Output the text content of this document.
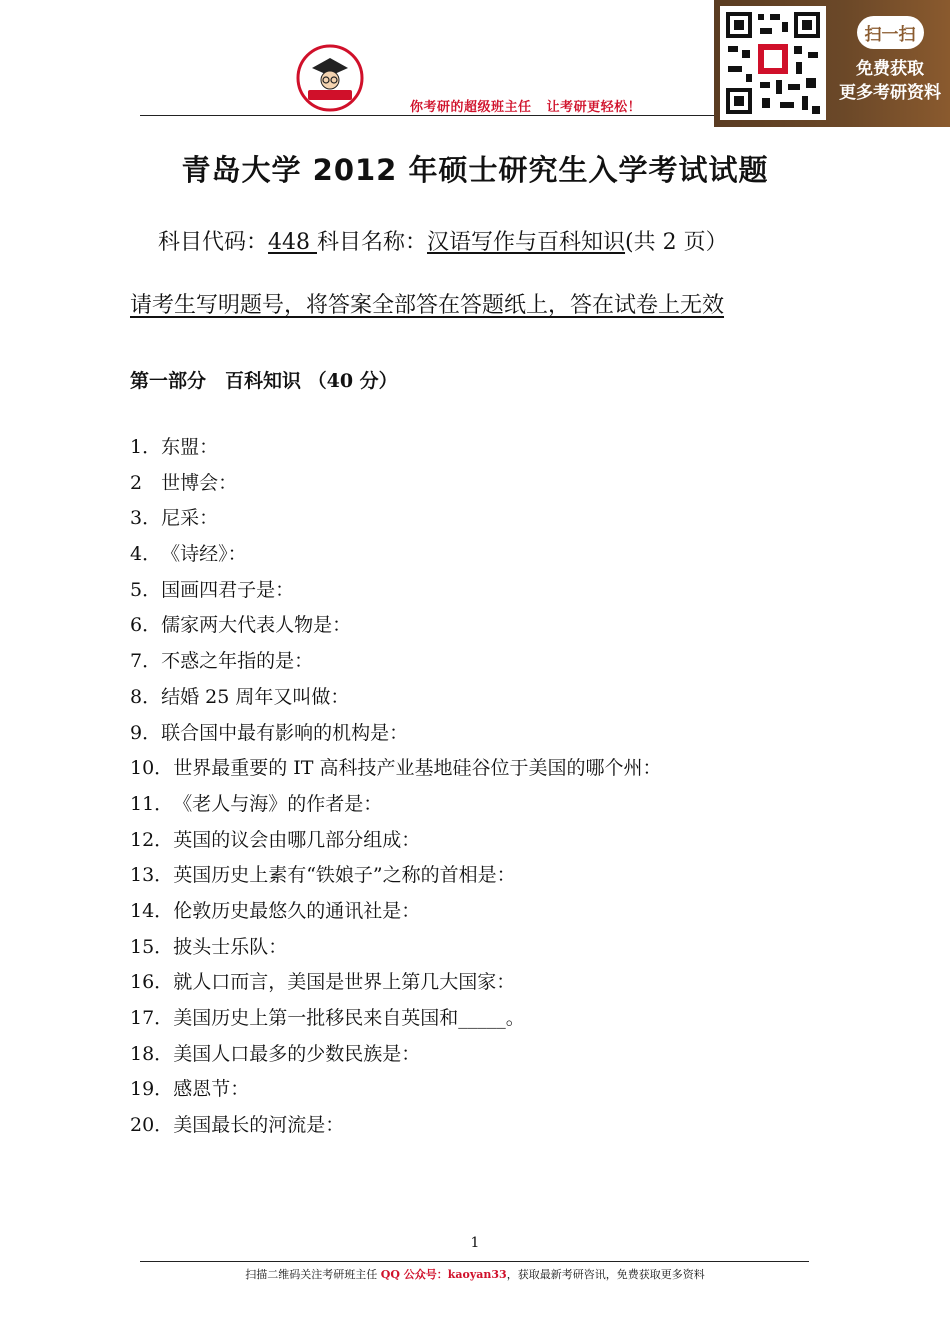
你考研的超级班主任   让考研更轻松！
扫一扫
免费获取
更多考研资料
青岛大学 2012 年硕士研究生入学考试试题
科目代码：448 科目名称：汉语写作与百科知识(共 2 页）
请考生写明题号，将答案全部答在答题纸上，答在试卷上无效
第一部分　百科知识 （40 分）
1．东盟：
2　世博会：
3．尼采：
4．《诗经》：
5．国画四君子是：
6．儒家两大代表人物是：
7．不惑之年指的是：
8．结婚 25 周年又叫做：
9．联合国中最有影响的机构是：
10．世界最重要的 IT 高科技产业基地硅谷位于美国的哪个州：
11．《老人与海》的作者是：
12．英国的议会由哪几部分组成：
13．英国历史上素有“铁娘子”之称的首相是：
14．伦敦历史最悠久的通讯社是：
15．披头士乐队：
16．就人口而言，美国是世界上第几大国家：
17．美国历史上第一批移民来自英国和_____。
18．美国人口最多的少数民族是：
19．感恩节：
20．美国最长的河流是：
1
扫描二维码关注考研班主任 QQ 公众号：kaoyan33，获取最新考研咨讯，免费获取更多资料
